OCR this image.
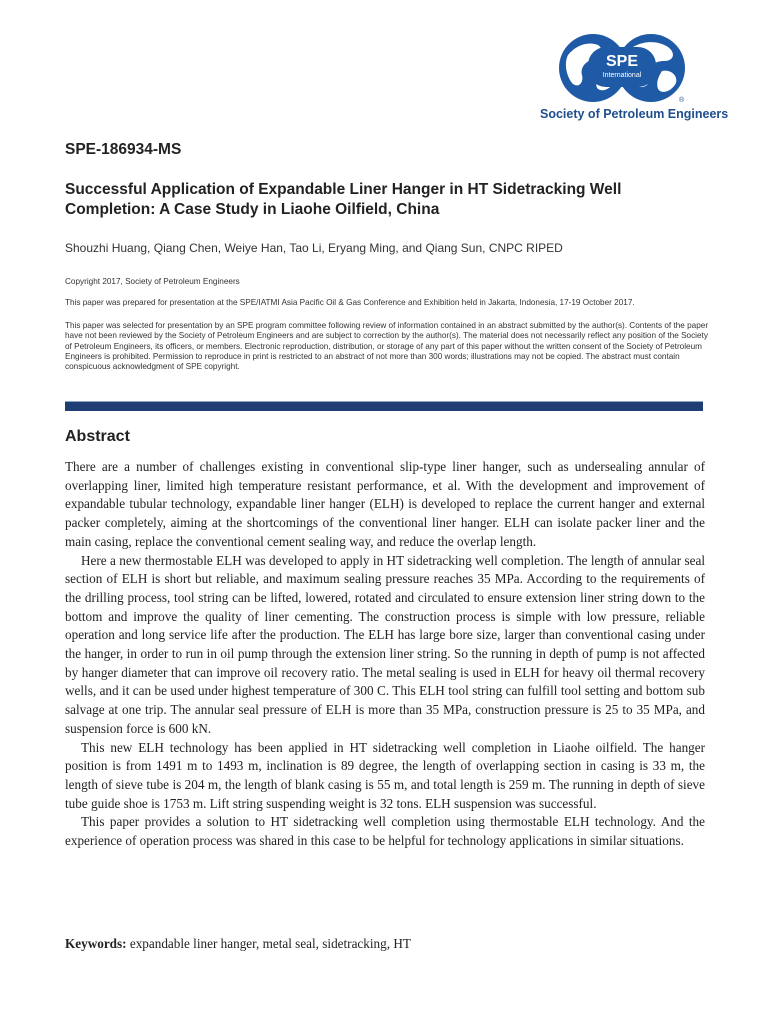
SPE
International
®
Society of Petroleum Engineers
SPE-186934-MS
Successful Application of Expandable Liner Hanger in HT Sidetracking Well Completion: A Case Study in Liaohe Oilfield, China
Shouzhi Huang, Qiang Chen, Weiye Han, Tao Li, Eryang Ming, and Qiang Sun, CNPC RIPED
Copyright 2017, Society of Petroleum Engineers
This paper was prepared for presentation at the SPE/IATMI Asia Pacific Oil & Gas Conference and Exhibition held in Jakarta, Indonesia, 17-19 October 2017.
This paper was selected for presentation by an SPE program committee following review of information contained in an abstract submitted by the author(s). Contents of the paper have not been reviewed by the Society of Petroleum Engineers and are subject to correction by the author(s). The material does not necessarily reflect any position of the Society of Petroleum Engineers, its officers, or members. Electronic reproduction, distribution, or storage of any part of this paper without the written consent of the Society of Petroleum Engineers is prohibited. Permission to reproduce in print is restricted to an abstract of not more than 300 words; illustrations may not be copied. The abstract must contain conspicuous acknowledgment of SPE copyright.
Abstract

There are a number of challenges existing in conventional slip-type liner hanger, such as undersealing annular of overlapping liner, limited high temperature resistant performance, et al. With the development and improvement of expandable tubular technology, expandable liner hanger (ELH) is developed to replace the current hanger and external packer completely, aiming at the shortcomings of the conventional liner hanger. ELH can isolate packer liner and the main casing, replace the conventional cement sealing way, and reduce the overlap length.

Here a new thermostable ELH was developed to apply in HT sidetracking well completion. The length of annular seal section of ELH is short but reliable, and maximum sealing pressure reaches 35 MPa. According to the requirements of the drilling process, tool string can be lifted, lowered, rotated and circulated to ensure extension liner string down to the bottom and improve the quality of liner cementing. The construction process is simple with low pressure, reliable operation and long service life after the production. The ELH has large bore size, larger than conventional casing under the hanger, in order to run in oil pump through the extension liner string. So the running in depth of pump is not affected by hanger diameter that can improve oil recovery ratio. The metal sealing is used in ELH for heavy oil thermal recovery wells, and it can be used under highest temperature of 300 C. This ELH tool string can fulfill tool setting and bottom sub salvage at one trip. The annular seal pressure of ELH is more than 35 MPa, construction pressure is 25 to 35 MPa, and suspension force is 600 kN.

This new ELH technology has been applied in HT sidetracking well completion in Liaohe oilfield. The hanger position is from 1491 m to 1493 m, inclination is 89 degree, the length of overlapping section in casing is 33 m, the length of sieve tube is 204 m, the length of blank casing is 55 m, and total length is 259 m. The running in depth of sieve tube guide shoe is 1753 m. Lift string suspending weight is 32 tons. ELH suspension was successful.

This paper provides a solution to HT sidetracking well completion using thermostable ELH technology. And the experience of operation process was shared in this case to be helpful for technology applications in similar situations.

Keywords: expandable liner hanger, metal seal, sidetracking, HT
